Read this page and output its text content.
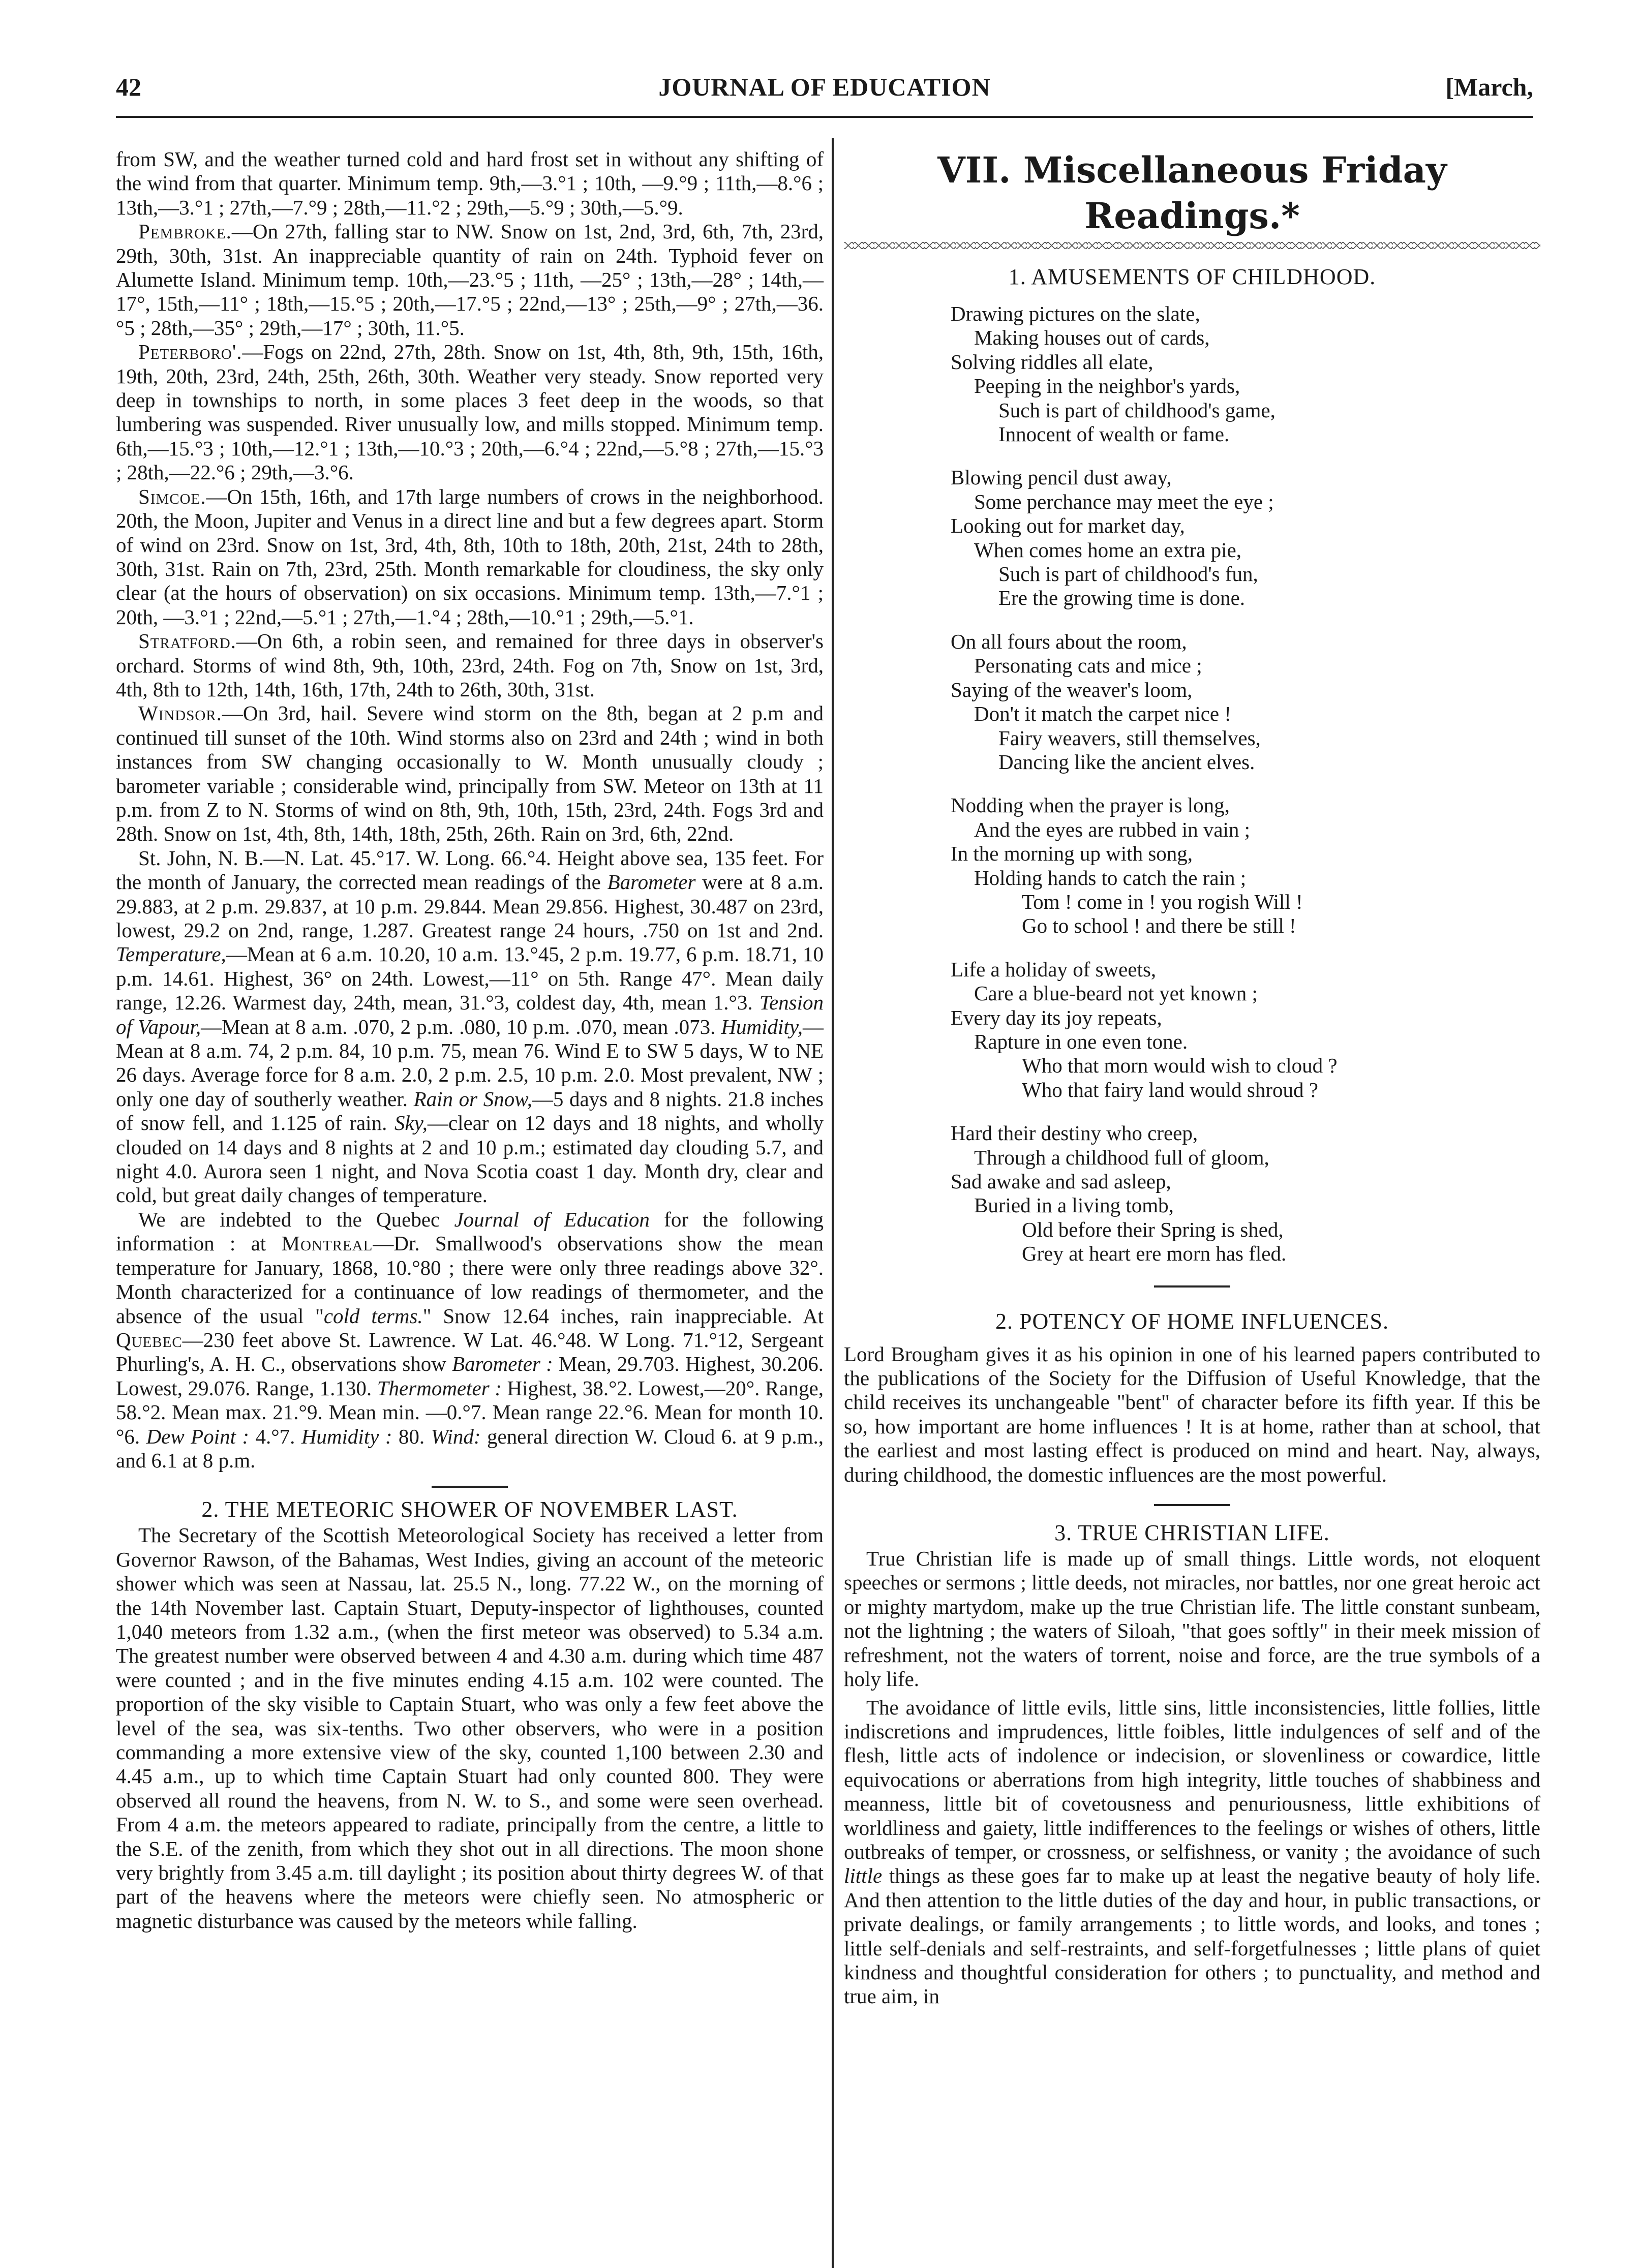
42	JOURNAL OF EDUCATION	[March,

from SW, and the weather turned cold and hard frost set in without any shifting of the wind from that quarter. Minimum temp. 9th,—3.°1 ; 10th, —9.°9 ; 11th,—8.°6 ; 13th,—3.°1 ; 27th,—7.°9 ; 28th,—11.°2 ; 29th,—5.°9 ; 30th,—5.°9.

Pembroke.—On 27th, falling star to NW. Snow on 1st, 2nd, 3rd, 6th, 7th, 23rd, 29th, 30th, 31st. An inappreciable quantity of rain on 24th. Typhoid fever on Alumette Island. Minimum temp. 10th,—23.°5 ; 11th, —25° ; 13th,—28° ; 14th,—17°, 15th,—11° ; 18th,—15.°5 ; 20th,—17.°5 ; 22nd,—13° ; 25th,—9° ; 27th,—36.°5 ; 28th,—35° ; 29th,—17° ; 30th, 11.°5.

Peterboro'.—Fogs on 22nd, 27th, 28th. Snow on 1st, 4th, 8th, 9th, 15th, 16th, 19th, 20th, 23rd, 24th, 25th, 26th, 30th. Weather very steady. Snow reported very deep in townships to north, in some places 3 feet deep in the woods, so that lumbering was suspended. River unusually low, and mills stopped. Minimum temp. 6th,—15.°3 ; 10th,—12.°1 ; 13th,—10.°3 ; 20th,—6.°4 ; 22nd,—5.°8 ; 27th,—15.°3 ; 28th,—22.°6 ; 29th,—3.°6.

Simcoe.—On 15th, 16th, and 17th large numbers of crows in the neighborhood. 20th, the Moon, Jupiter and Venus in a direct line and but a few degrees apart. Storm of wind on 23rd. Snow on 1st, 3rd, 4th, 8th, 10th to 18th, 20th, 21st, 24th to 28th, 30th, 31st. Rain on 7th, 23rd, 25th. Month remarkable for cloudiness, the sky only clear (at the hours of observation) on six occasions. Minimum temp. 13th,—7.°1 ; 20th, —3.°1 ; 22nd,—5.°1 ; 27th,—1.°4 ; 28th,—10.°1 ; 29th,—5.°1.

Stratford.—On 6th, a robin seen, and remained for three days in observer's orchard. Storms of wind 8th, 9th, 10th, 23rd, 24th. Fog on 7th, Snow on 1st, 3rd, 4th, 8th to 12th, 14th, 16th, 17th, 24th to 26th, 30th, 31st.

Windsor.—On 3rd, hail. Severe wind storm on the 8th, began at 2 p.m and continued till sunset of the 10th. Wind storms also on 23rd and 24th ; wind in both instances from SW changing occasionally to W. Month unusually cloudy ; barometer variable ; considerable wind, principally from SW. Meteor on 13th at 11 p.m. from Z to N. Storms of wind on 8th, 9th, 10th, 15th, 23rd, 24th. Fogs 3rd and 28th. Snow on 1st, 4th, 8th, 14th, 18th, 25th, 26th. Rain on 3rd, 6th, 22nd.

St. John, N. B.—N. Lat. 45.°17. W. Long. 66.°4. Height above sea, 135 feet. For the month of January, the corrected mean readings of the Barometer were at 8 a.m. 29.883, at 2 p.m. 29.837, at 10 p.m. 29.844. Mean 29.856. Highest, 30.487 on 23rd, lowest, 29.2 on 2nd, range, 1.287. Greatest range 24 hours, .750 on 1st and 2nd. Temperature,—Mean at 6 a.m. 10.20, 10 a.m. 13.°45, 2 p.m. 19.77, 6 p.m. 18.71, 10 p.m. 14.61. Highest, 36° on 24th. Lowest,—11° on 5th. Range 47°. Mean daily range, 12.26. Warmest day, 24th, mean, 31.°3, coldest day, 4th, mean 1.°3. Tension of Vapour,—Mean at 8 a.m. .070, 2 p.m. .080, 10 p.m. .070, mean .073. Humidity,—Mean at 8 a.m. 74, 2 p.m. 84, 10 p.m. 75, mean 76. Wind E to SW 5 days, W to NE 26 days. Average force for 8 a.m. 2.0, 2 p.m. 2.5, 10 p.m. 2.0. Most prevalent, NW ; only one day of southerly weather. Rain or Snow,—5 days and 8 nights. 21.8 inches of snow fell, and 1.125 of rain. Sky,—clear on 12 days and 18 nights, and wholly clouded on 14 days and 8 nights at 2 and 10 p.m.; estimated day clouding 5.7, and night 4.0. Aurora seen 1 night, and Nova Scotia coast 1 day. Month dry, clear and cold, but great daily changes of temperature.

We are indebted to the Quebec Journal of Education for the following information : at Montreal—Dr. Smallwood's observations show the mean temperature for January, 1868, 10.°80 ; there were only three readings above 32°. Month characterized for a continuance of low readings of thermometer, and the absence of the usual "cold terms." Snow 12.64 inches, rain inappreciable. At Quebec—230 feet above St. Lawrence. W Lat. 46.°48. W Long. 71.°12, Sergeant Phurling's, A. H. C., observations show Barometer : Mean, 29.703. Highest, 30.206. Lowest, 29.076. Range, 1.130. Thermometer : Highest, 38.°2. Lowest,—20°. Range, 58.°2. Mean max. 21.°9. Mean min. —0.°7. Mean range 22.°6. Mean for month 10.°6. Dew Point : 4.°7. Humidity : 80. Wind: general direction W. Cloud 6. at 9 p.m., and 6.1 at 8 p.m.

2. THE METEORIC SHOWER OF NOVEMBER LAST.

The Secretary of the Scottish Meteorological Society has received a letter from Governor Rawson, of the Bahamas, West Indies, giving an account of the meteoric shower which was seen at Nassau, lat. 25.5 N., long. 77.22 W., on the morning of the 14th November last. Captain Stuart, Deputy-inspector of lighthouses, counted 1,040 meteors from 1.32 a.m., (when the first meteor was observed) to 5.34 a.m. The greatest number were observed between 4 and 4.30 a.m. during which time 487 were counted ; and in the five minutes ending 4.15 a.m. 102 were counted. The proportion of the sky visible to Captain Stuart, who was only a few feet above the level of the sea, was six-tenths. Two other observers, who were in a position commanding a more extensive view of the sky, counted 1,100 between 2.30 and 4.45 a.m., up to which time Captain Stuart had only counted 800. They were observed all round the heavens, from N. W. to S., and some were seen overhead. From 4 a.m. the meteors appeared to radiate, principally from the centre, a little to the S.E. of the zenith, from which they shot out in all directions. The moon shone very brightly from 3.45 a.m. till daylight ; its position about thirty degrees W. of that part of the heavens where the meteors were chiefly seen. No atmospheric or magnetic disturbance was caused by the meteors while falling.

VII. Miscellaneous Friday Readings.*

1. AMUSEMENTS OF CHILDHOOD.

Drawing pictures on the slate,
Making houses out of cards,
Solving riddles all elate,
Peeping in the neighbor's yards,
Such is part of childhood's game,
Innocent of wealth or fame.
Blowing pencil dust away,
Some perchance may meet the eye ;
Looking out for market day,
When comes home an extra pie,
Such is part of childhood's fun,
Ere the growing time is done.
On all fours about the room,
Personating cats and mice ;
Saying of the weaver's loom,
Don't it match the carpet nice !
Fairy weavers, still themselves,
Dancing like the ancient elves.
Nodding when the prayer is long,
And the eyes are rubbed in vain ;
In the morning up with song,
Holding hands to catch the rain ;
Tom ! come in ! you rogish Will !
Go to school ! and there be still !
Life a holiday of sweets,
Care a blue-beard not yet known ;
Every day its joy repeats,
Rapture in one even tone.
Who that morn would wish to cloud ?
Who that fairy land would shroud ?
Hard their destiny who creep,
Through a childhood full of gloom,
Sad awake and sad asleep,
Buried in a living tomb,
Old before their Spring is shed,
Grey at heart ere morn has fled.

2. POTENCY OF HOME INFLUENCES.

Lord Brougham gives it as his opinion in one of his learned papers contributed to the publications of the Society for the Diffusion of Useful Knowledge, that the child receives its unchangeable "bent" of character before its fifth year. If this be so, how important are home influences ! It is at home, rather than at school, that the earliest and most lasting effect is produced on mind and heart. Nay, always, during childhood, the domestic influences are the most powerful.

3. TRUE CHRISTIAN LIFE.

True Christian life is made up of small things. Little words, not eloquent speeches or sermons ; little deeds, not miracles, nor battles, nor one great heroic act or mighty martydom, make up the true Christian life. The little constant sunbeam, not the lightning ; the waters of Siloah, "that goes softly" in their meek mission of refreshment, not the waters of torrent, noise and force, are the true symbols of a holy life.

The avoidance of little evils, little sins, little inconsistencies, little follies, little indiscretions and imprudences, little foibles, little indulgences of self and of the flesh, little acts of indolence or indecision, or slovenliness or cowardice, little equivocations or aberrations from high integrity, little touches of shabbiness and meanness, little bit of covetousness and penuriousness, little exhibitions of worldliness and gaiety, little indifferences to the feelings or wishes of others, little outbreaks of temper, or crossness, or selfishness, or vanity ; the avoidance of such little things as these goes far to make up at least the negative beauty of holy life. And then attention to the little duties of the day and hour, in public transactions, or private dealings, or family arrangements ; to little words, and looks, and tones ; little self-denials and self-restraints, and self-forgetfulnesses ; little plans of quiet kindness and thoughtful consideration for others ; to punctuality, and method and true aim, in
